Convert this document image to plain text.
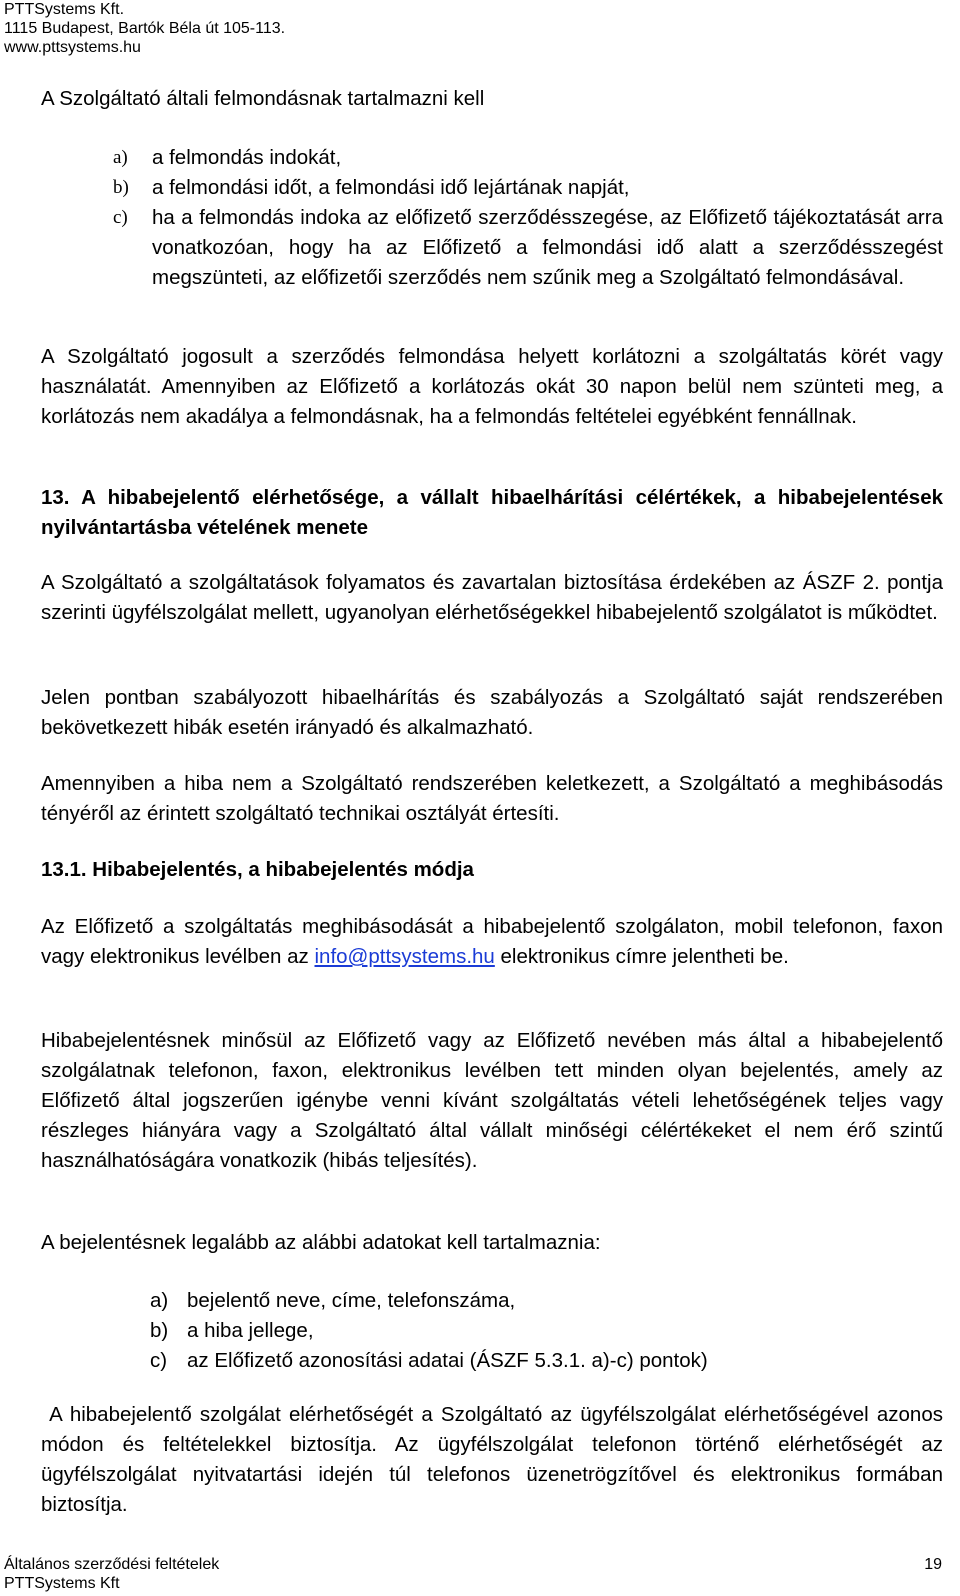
PTTSystems Kft.
1115 Budapest, Bartók Béla út 105-113.
www.pttsystems.hu

A Szolgáltató általi felmondásnak tartalmazni kell

a) a felmondás indokát,
b) a felmondási időt, a felmondási idő lejártának napját,
c) ha a felmondás indoka az előfizető szerződésszegése, az Előfizető tájékoztatását arra vonatkozóan, hogy ha az Előfizető a felmondási idő alatt a szerződésszegést megszünteti, az előfizetői szerződés nem szűnik meg a Szolgáltató felmondásával.

A Szolgáltató jogosult a szerződés felmondása helyett korlátozni a szolgáltatás körét vagy használatát. Amennyiben az Előfizető a korlátozás okát 30 napon belül nem szünteti meg, a korlátozás nem akadálya a felmondásnak, ha a felmondás feltételei egyébként fennállnak.

13. A hibabejelentő elérhetősége, a vállalt hibaelhárítási célértékek, a hibabejelentések nyilvántartásba vételének menete

A Szolgáltató a szolgáltatások folyamatos és zavartalan biztosítása érdekében az ÁSZF 2. pontja szerinti ügyfélszolgálat mellett, ugyanolyan elérhetőségekkel hibabejelentő szolgálatot is működtet.

Jelen pontban szabályozott hibaelhárítás és szabályozás a Szolgáltató saját rendszerében bekövetkezett hibák esetén irányadó és alkalmazható.

Amennyiben a hiba nem a Szolgáltató rendszerében keletkezett, a Szolgáltató a meghibásodás tényéről az érintett szolgáltató technikai osztályát értesíti.

13.1. Hibabejelentés, a hibabejelentés módja

Az Előfizető a szolgáltatás meghibásodását a hibabejelentő szolgálaton, mobil telefonon, faxon vagy elektronikus levélben az info@pttsystems.hu elektronikus címre jelentheti be.

Hibabejelentésnek minősül az Előfizető vagy az Előfizető nevében más által a hibabejelentő szolgálatnak telefonon, faxon, elektronikus levélben tett minden olyan bejelentés, amely az Előfizető által jogszerűen igénybe venni kívánt szolgáltatás vételi lehetőségének teljes vagy részleges hiányára vagy a Szolgáltató által vállalt minőségi célértékeket el nem érő szintű használhatóságára vonatkozik (hibás teljesítés).

A bejelentésnek legalább az alábbi adatokat kell tartalmaznia:

a) bejelentő neve, címe, telefonszáma,
b) a hiba jellege,
c) az Előfizető azonosítási adatai (ÁSZF 5.3.1. a)-c) pontok)

A hibabejelentő szolgálat elérhetőségét a Szolgáltató az ügyfélszolgálat elérhetőségével azonos módon és feltételekkel biztosítja. Az ügyfélszolgálat telefonon történő elérhetőségét az ügyfélszolgálat nyitvatartási idején túl telefonos üzenetrögzítővel és elektronikus formában biztosítja.

Általános szerződési feltételek
PTTSystems Kft
19
